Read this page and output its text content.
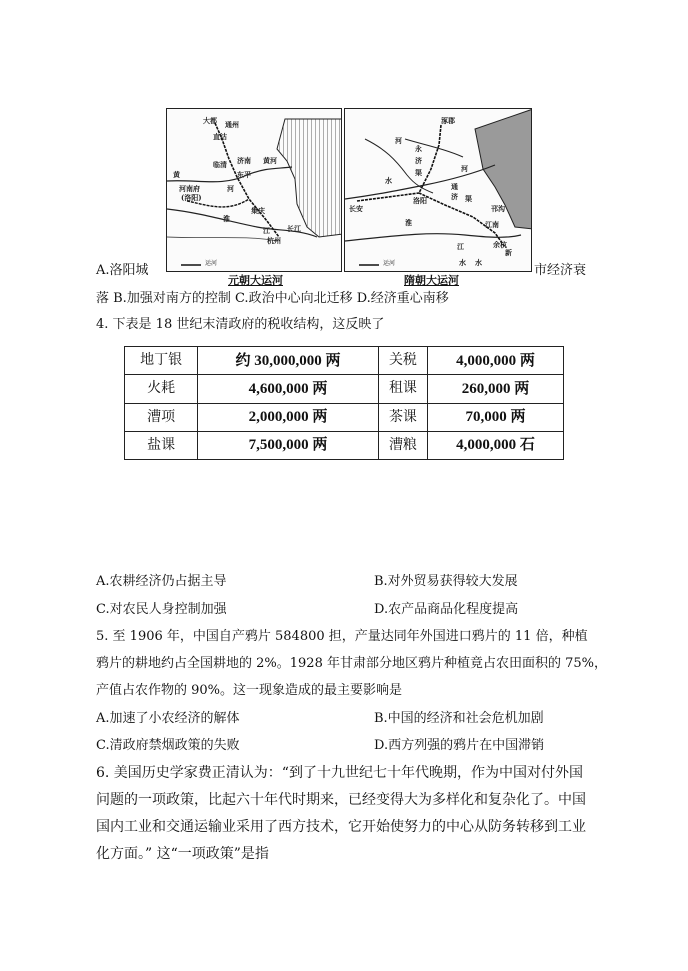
大都 通州
直沽
临清 济南
东平
河南府
(洛阳)
集庆
杭州
长江
黄河
淮
江
黄
河
运河
元朝大运河
涿郡
河
永
济
渠
通
济 渠
洛阳
长安	邗沟
江南
河
余杭
淮
江
水
水 水
新
运河
隋朝大运河
A.洛阳城	市经济衰
落 B.加强对南方的控制 C.政治中心向北迁移 D.经济重心南移
4. 下表是 18 世纪末清政府的税收结构，这反映了
地丁银	约 30,000,000 两	关税	4,000,000 两
火耗	4,600,000 两	租课	260,000 两
漕项	2,000,000 两	茶课	70,000 两
盐课	7,500,000 两	漕粮	4,000,000 石
A.农耕经济仍占据主导	B.对外贸易获得较大发展
C.对农民人身控制加强	D.农产品商品化程度提高
5. 至 1906 年，中国自产鸦片 584800 担，产量达同年外国进口鸦片的 11 倍，种植
鸦片的耕地约占全国耕地的 2%。1928 年甘肃部分地区鸦片种植竟占农田面积的 75%，
产值占农作物的 90%。这一现象造成的最主要影响是
A.加速了小农经济的解体	B.中国的经济和社会危机加剧
C.清政府禁烟政策的失败	D.西方列强的鸦片在中国滞销
6. 美国历史学家费正清认为：“到了十九世纪七十年代晚期，作为中国对付外国
问题的一项政策，比起六十年代时期来，已经变得大为多样化和复杂化了。中国
国内工业和交通运输业采用了西方技术，它开始使努力的中心从防务转移到工业
化方面。” 这“一项政策”是指
